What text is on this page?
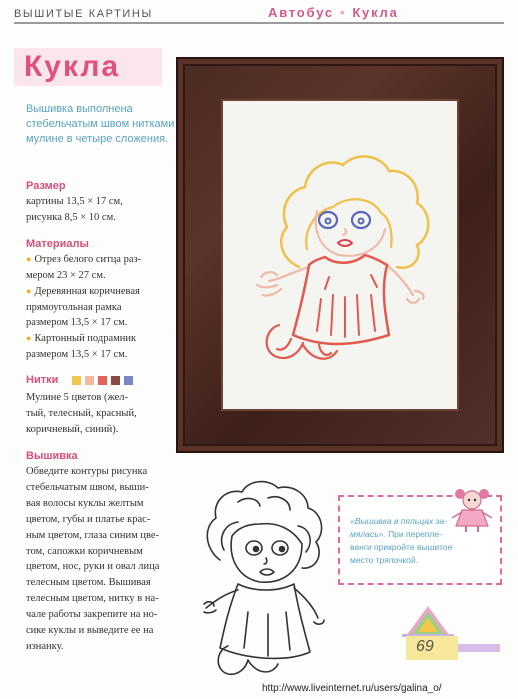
ВЫШИТЫЕ КАРТИНЫ	Автобус • Кукла
Кукла
Вышивка выполнена стебельчатым швом нитками мулине в четыре сложения.
Размер
картины 13,5 × 17 см,
рисунка 8,5 × 10 см.
Материалы
● Отрез белого ситца раз-
мером 23 × 27 см.
● Деревянная коричневая
прямоугольная рамка
размером 13,5 × 17 см.
● Картонный подрамник
размером 13,5 × 17 см.
Нитки
Мулине 5 цветов (жел-
тый, телесный, красный,
коричневый, синий).
Вышивка
Обведите контуры рисунка
стебельчатым швом, выши-
вая волосы куклы желтым
цветом, губы и платье крас-
ным цветом, глаза синим цве-
том, сапожки коричневым
цветом, нос, руки и овал лица
телесным цветом. Вышивая
телесным цветом, нитку в на-
чале работы закрепите на но-
сике куклы и выведите ее на
изнанку.
«Вышивка в пяльцах за-мялась». При перепле-ванги прикройте вышитое место тряпочкой.
69
http://www.liveinternet.ru/users/galina_o/
